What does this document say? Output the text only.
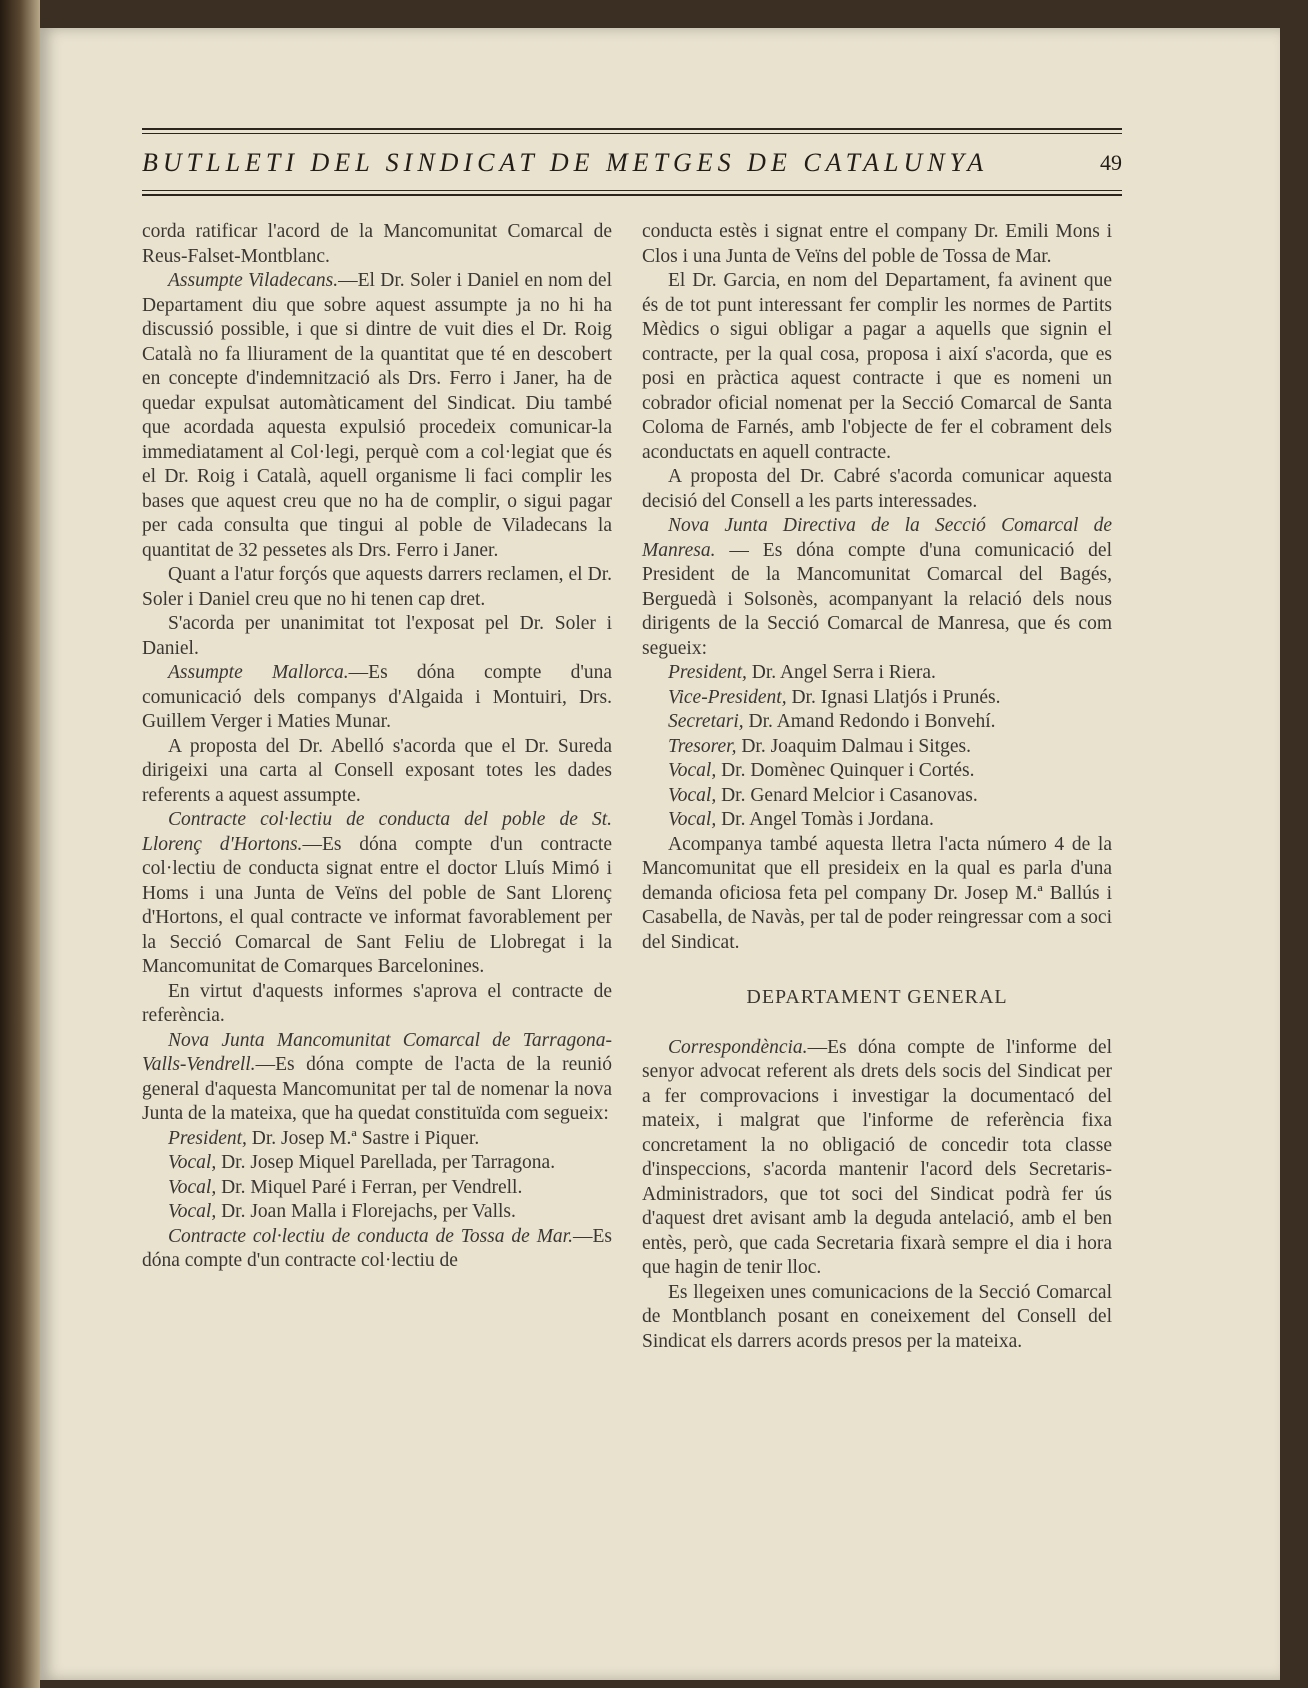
BUTLLETI DEL SINDICAT DE METGES DE CATALUNYA	49

corda ratificar l'acord de la Mancomunitat Comarcal de Reus-Falset-Montblanc.

Assumpte Viladecans.—El Dr. Soler i Daniel en nom del Departament diu que sobre aquest assumpte ja no hi ha discussió possible, i que si dintre de vuit dies el Dr. Roig Català no fa lliurament de la quantitat que té en descobert en concepte d'indemnització als Drs. Ferro i Janer, ha de quedar expulsat automàticament del Sindicat. Diu també que acordada aquesta expulsió procedeix comunicar-la immediatament al Col·legi, perquè com a col·legiat que és el Dr. Roig i Català, aquell organisme li faci complir les bases que aquest creu que no ha de complir, o sigui pagar per cada consulta que tingui al poble de Viladecans la quantitat de 32 pessetes als Drs. Ferro i Janer.

Quant a l'atur forçós que aquests darrers reclamen, el Dr. Soler i Daniel creu que no hi tenen cap dret.

S'acorda per unanimitat tot l'exposat pel Dr. Soler i Daniel.

Assumpte Mallorca.—Es dóna compte d'una comunicació dels companys d'Algaida i Montuiri, Drs. Guillem Verger i Maties Munar.

A proposta del Dr. Abelló s'acorda que el Dr. Sureda dirigeixi una carta al Consell exposant totes les dades referents a aquest assumpte.

Contracte col·lectiu de conducta del poble de St. Llorenç d'Hortons.—Es dóna compte d'un contracte col·lectiu de conducta signat entre el doctor Lluís Mimó i Homs i una Junta de Veïns del poble de Sant Llorenç d'Hortons, el qual contracte ve informat favorablement per la Secció Comarcal de Sant Feliu de Llobregat i la Mancomunitat de Comarques Barcelonines.

En virtut d'aquests informes s'aprova el contracte de referència.

Nova Junta Mancomunitat Comarcal de Tarragona-Valls-Vendrell.—Es dóna compte de l'acta de la reunió general d'aquesta Mancomunitat per tal de nomenar la nova Junta de la mateixa, que ha quedat constituïda com segueix:

President, Dr. Josep M.ª Sastre i Piquer.

Vocal, Dr. Josep Miquel Parellada, per Tarragona.

Vocal, Dr. Miquel Paré i Ferran, per Vendrell.

Vocal, Dr. Joan Malla i Florejachs, per Valls.

Contracte col·lectiu de conducta de Tossa de Mar.—Es dóna compte d'un contracte col·lectiu de

conducta estès i signat entre el company Dr. Emili Mons i Clos i una Junta de Veïns del poble de Tossa de Mar.

El Dr. Garcia, en nom del Departament, fa avinent que és de tot punt interessant fer complir les normes de Partits Mèdics o sigui obligar a pagar a aquells que signin el contracte, per la qual cosa, proposa i així s'acorda, que es posi en pràctica aquest contracte i que es nomeni un cobrador oficial nomenat per la Secció Comarcal de Santa Coloma de Farnés, amb l'objecte de fer el cobrament dels aconductats en aquell contracte.

A proposta del Dr. Cabré s'acorda comunicar aquesta decisió del Consell a les parts interessades.

Nova Junta Directiva de la Secció Comarcal de Manresa. — Es dóna compte d'una comunicació del President de la Mancomunitat Comarcal del Bagés, Berguedà i Solsonès, acompanyant la relació dels nous dirigents de la Secció Comarcal de Manresa, que és com segueix:

President, Dr. Angel Serra i Riera.

Vice-President, Dr. Ignasi Llatjós i Prunés.

Secretari, Dr. Amand Redondo i Bonvehí.

Tresorer, Dr. Joaquim Dalmau i Sitges.

Vocal, Dr. Domènec Quinquer i Cortés.

Vocal, Dr. Genard Melcior i Casanovas.

Vocal, Dr. Angel Tomàs i Jordana.

Acompanya també aquesta lletra l'acta número 4 de la Mancomunitat que ell presideix en la qual es parla d'una demanda oficiosa feta pel company Dr. Josep M.ª Ballús i Casabella, de Navàs, per tal de poder reingressar com a soci del Sindicat.

DEPARTAMENT GENERAL

Correspondència.—Es dóna compte de l'informe del senyor advocat referent als drets dels socis del Sindicat per a fer comprovacions i investigar la documentacó del mateix, i malgrat que l'informe de referència fixa concretament la no obligació de concedir tota classe d'inspeccions, s'acorda mantenir l'acord dels Secretaris-Administradors, que tot soci del Sindicat podrà fer ús d'aquest dret avisant amb la deguda antelació, amb el ben entès, però, que cada Secretaria fixarà sempre el dia i hora que hagin de tenir lloc.

Es llegeixen unes comunicacions de la Secció Comarcal de Montblanch posant en coneixement del Consell del Sindicat els darrers acords presos per la mateixa.
